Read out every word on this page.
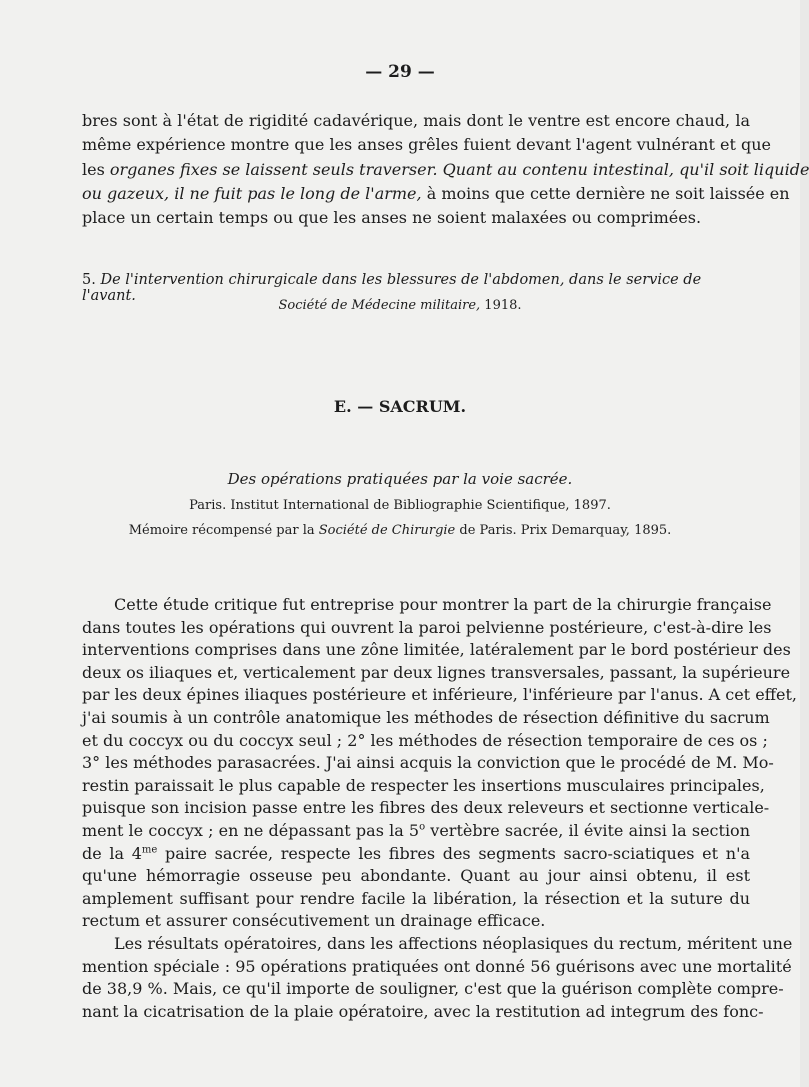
— 29 —
bres sont à l'état de rigidité cadavérique, mais dont le ventre est encore chaud, la
même expérience montre que les anses grêles fuient devant l'agent vulnérant et que
les organes fixes se laissent seuls traverser. Quant au contenu intestinal, qu'il soit liquide
ou gazeux, il ne fuit pas le long de l'arme, à moins que cette dernière ne soit laissée en
place un certain temps ou que les anses ne soient malaxées ou comprimées.
5. De l'intervention chirurgicale dans les blessures de l'abdomen, dans le service de l'avant.
Société de Médecine militaire, 1918.
E. — SACRUM.
Des opérations pratiquées par la voie sacrée.
Paris. Institut International de Bibliographie Scientifique, 1897.
Mémoire récompensé par la Société de Chirurgie de Paris. Prix Demarquay, 1895.
Cette étude critique fut entreprise pour montrer la part de la chirurgie française
dans toutes les opérations qui ouvrent la paroi pelvienne postérieure, c'est-à-dire les
interventions comprises dans une zône limitée, latéralement par le bord postérieur des
deux os iliaques et, verticalement par deux lignes transversales, passant, la supérieure
par les deux épines iliaques postérieure et inférieure, l'inférieure par l'anus. A cet effet,
j'ai soumis à un contrôle anatomique les méthodes de résection définitive du sacrum
et du coccyx ou du coccyx seul ; 2° les méthodes de résection temporaire de ces os ;
3° les méthodes parasacrées. J'ai ainsi acquis la conviction que le procédé de M. Mo-
restin paraissait le plus capable de respecter les insertions musculaires principales,
puisque son incision passe entre les fibres des deux releveurs et sectionne verticale-
ment le coccyx ; en ne dépassant pas la 5$^o$ vertèbre sacrée, il évite ainsi la section
de la $4^{me}$ paire sacrée, respecte les fibres des segments sacro-sciatiques et n'a
qu'une hémorragie osseuse peu abondante. Quant au jour ainsi obtenu, il est
amplement suffisant pour rendre facile la libération, la résection et la suture du
rectum et assurer consécutivement un drainage efficace.
Les résultats opératoires, dans les affections néoplasiques du rectum, méritent une
mention spéciale : 95 opérations pratiquées ont donné 56 guérisons avec une mortalité
de 38,9 %. Mais, ce qu'il importe de souligner, c'est que la guérison complète compre-
nant la cicatrisation de la plaie opératoire, avec la restitution ad integrum des fonc-
